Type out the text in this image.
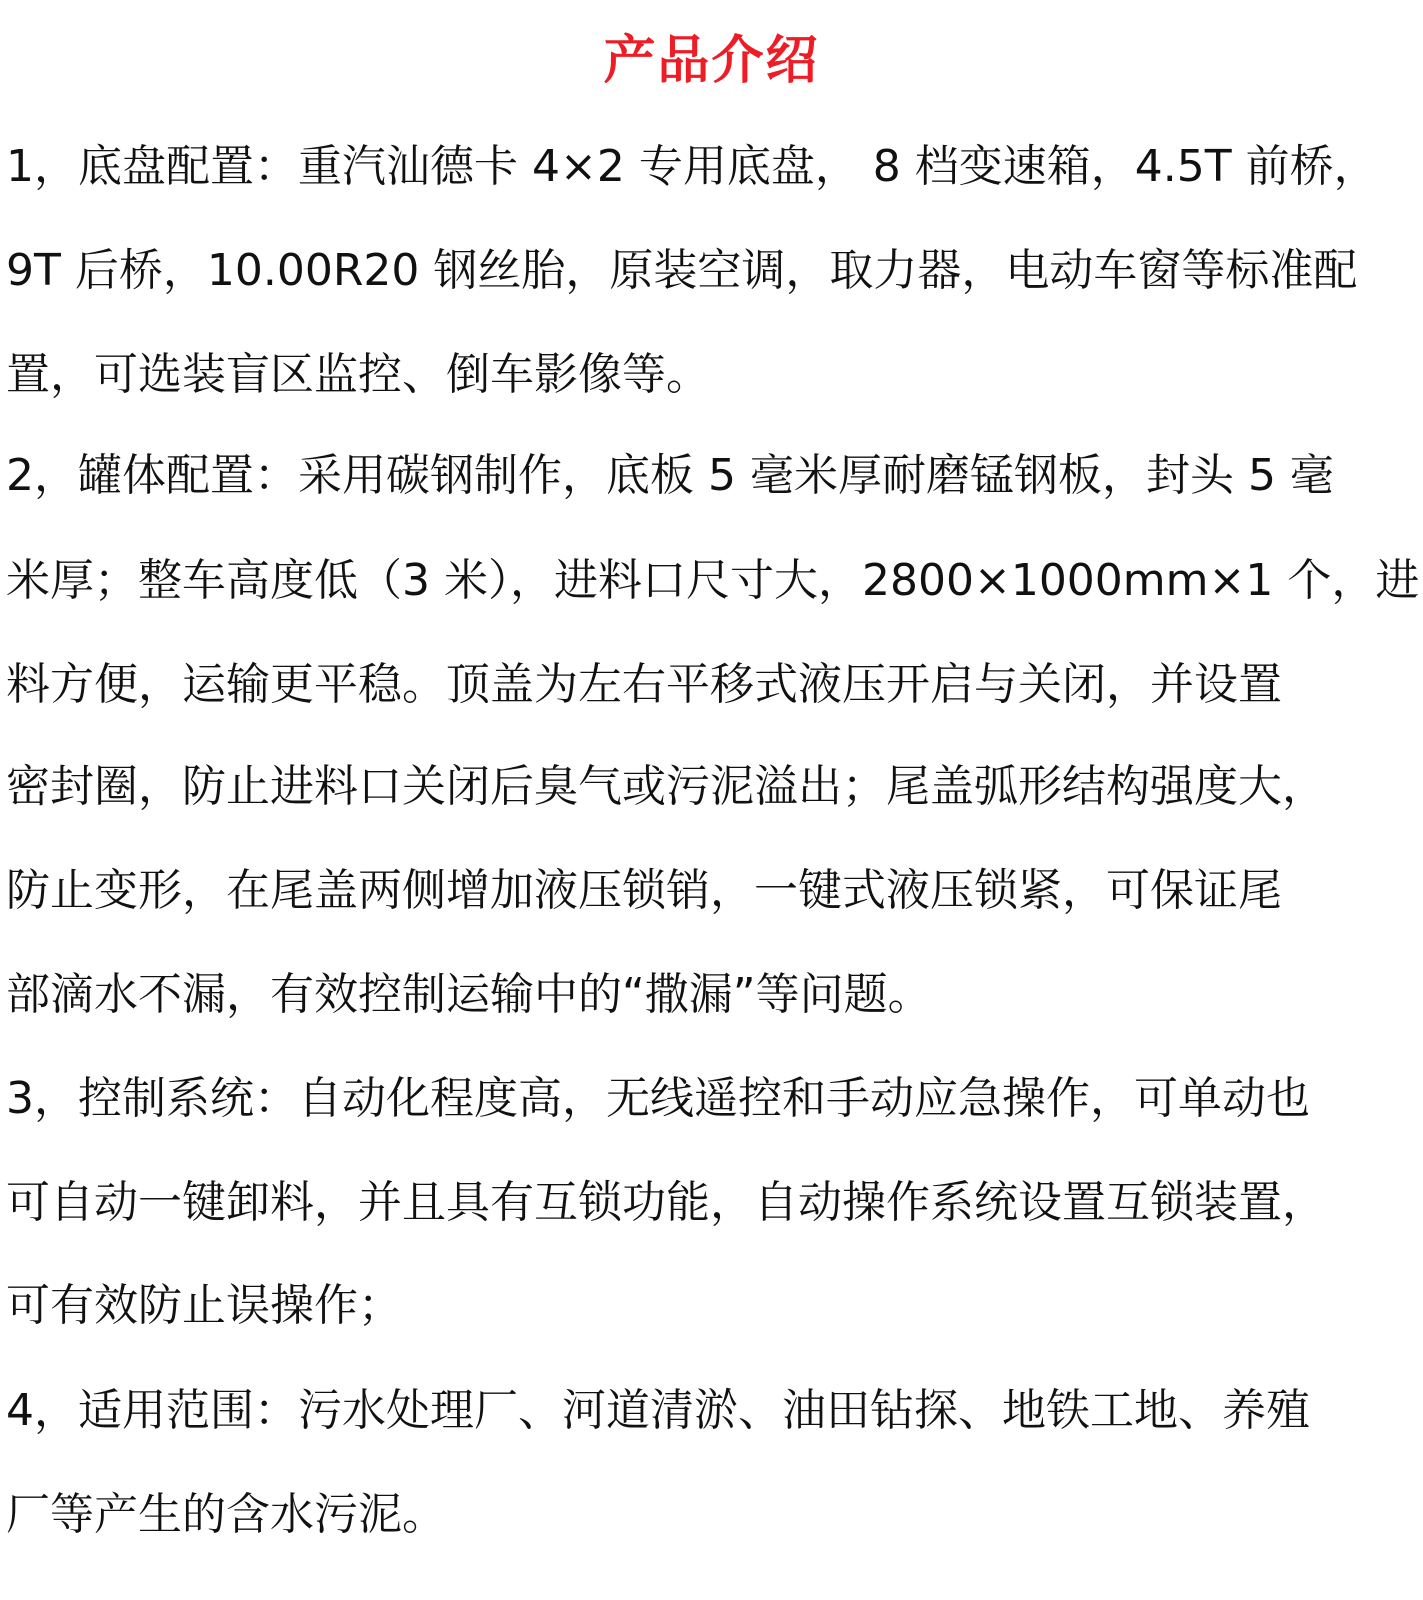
产品介绍
1，底盘配置：重汽汕德卡 4×2 专用底盘， 8 档变速箱，4.5T 前桥，
9T 后桥，10.00R20 钢丝胎，原装空调，取力器，电动车窗等标准配
置，可选装盲区监控、倒车影像等。
2，罐体配置：采用碳钢制作，底板 5 毫米厚耐磨锰钢板，封头 5 毫
米厚；整车高度低（3 米），进料口尺寸大，2800×1000mm×1 个，进
料方便，运输更平稳。顶盖为左右平移式液压开启与关闭，并设置
密封圈，防止进料口关闭后臭气或污泥溢出；尾盖弧形结构强度大，
防止变形，在尾盖两侧增加液压锁销，一键式液压锁紧，可保证尾
部滴水不漏，有效控制运输中的“撒漏”等问题。
3，控制系统：自动化程度高，无线遥控和手动应急操作，可单动也
可自动一键卸料，并且具有互锁功能，自动操作系统设置互锁装置，
可有效防止误操作；
4，适用范围：污水处理厂、河道清淤、油田钻探、地铁工地、养殖
厂等产生的含水污泥。
